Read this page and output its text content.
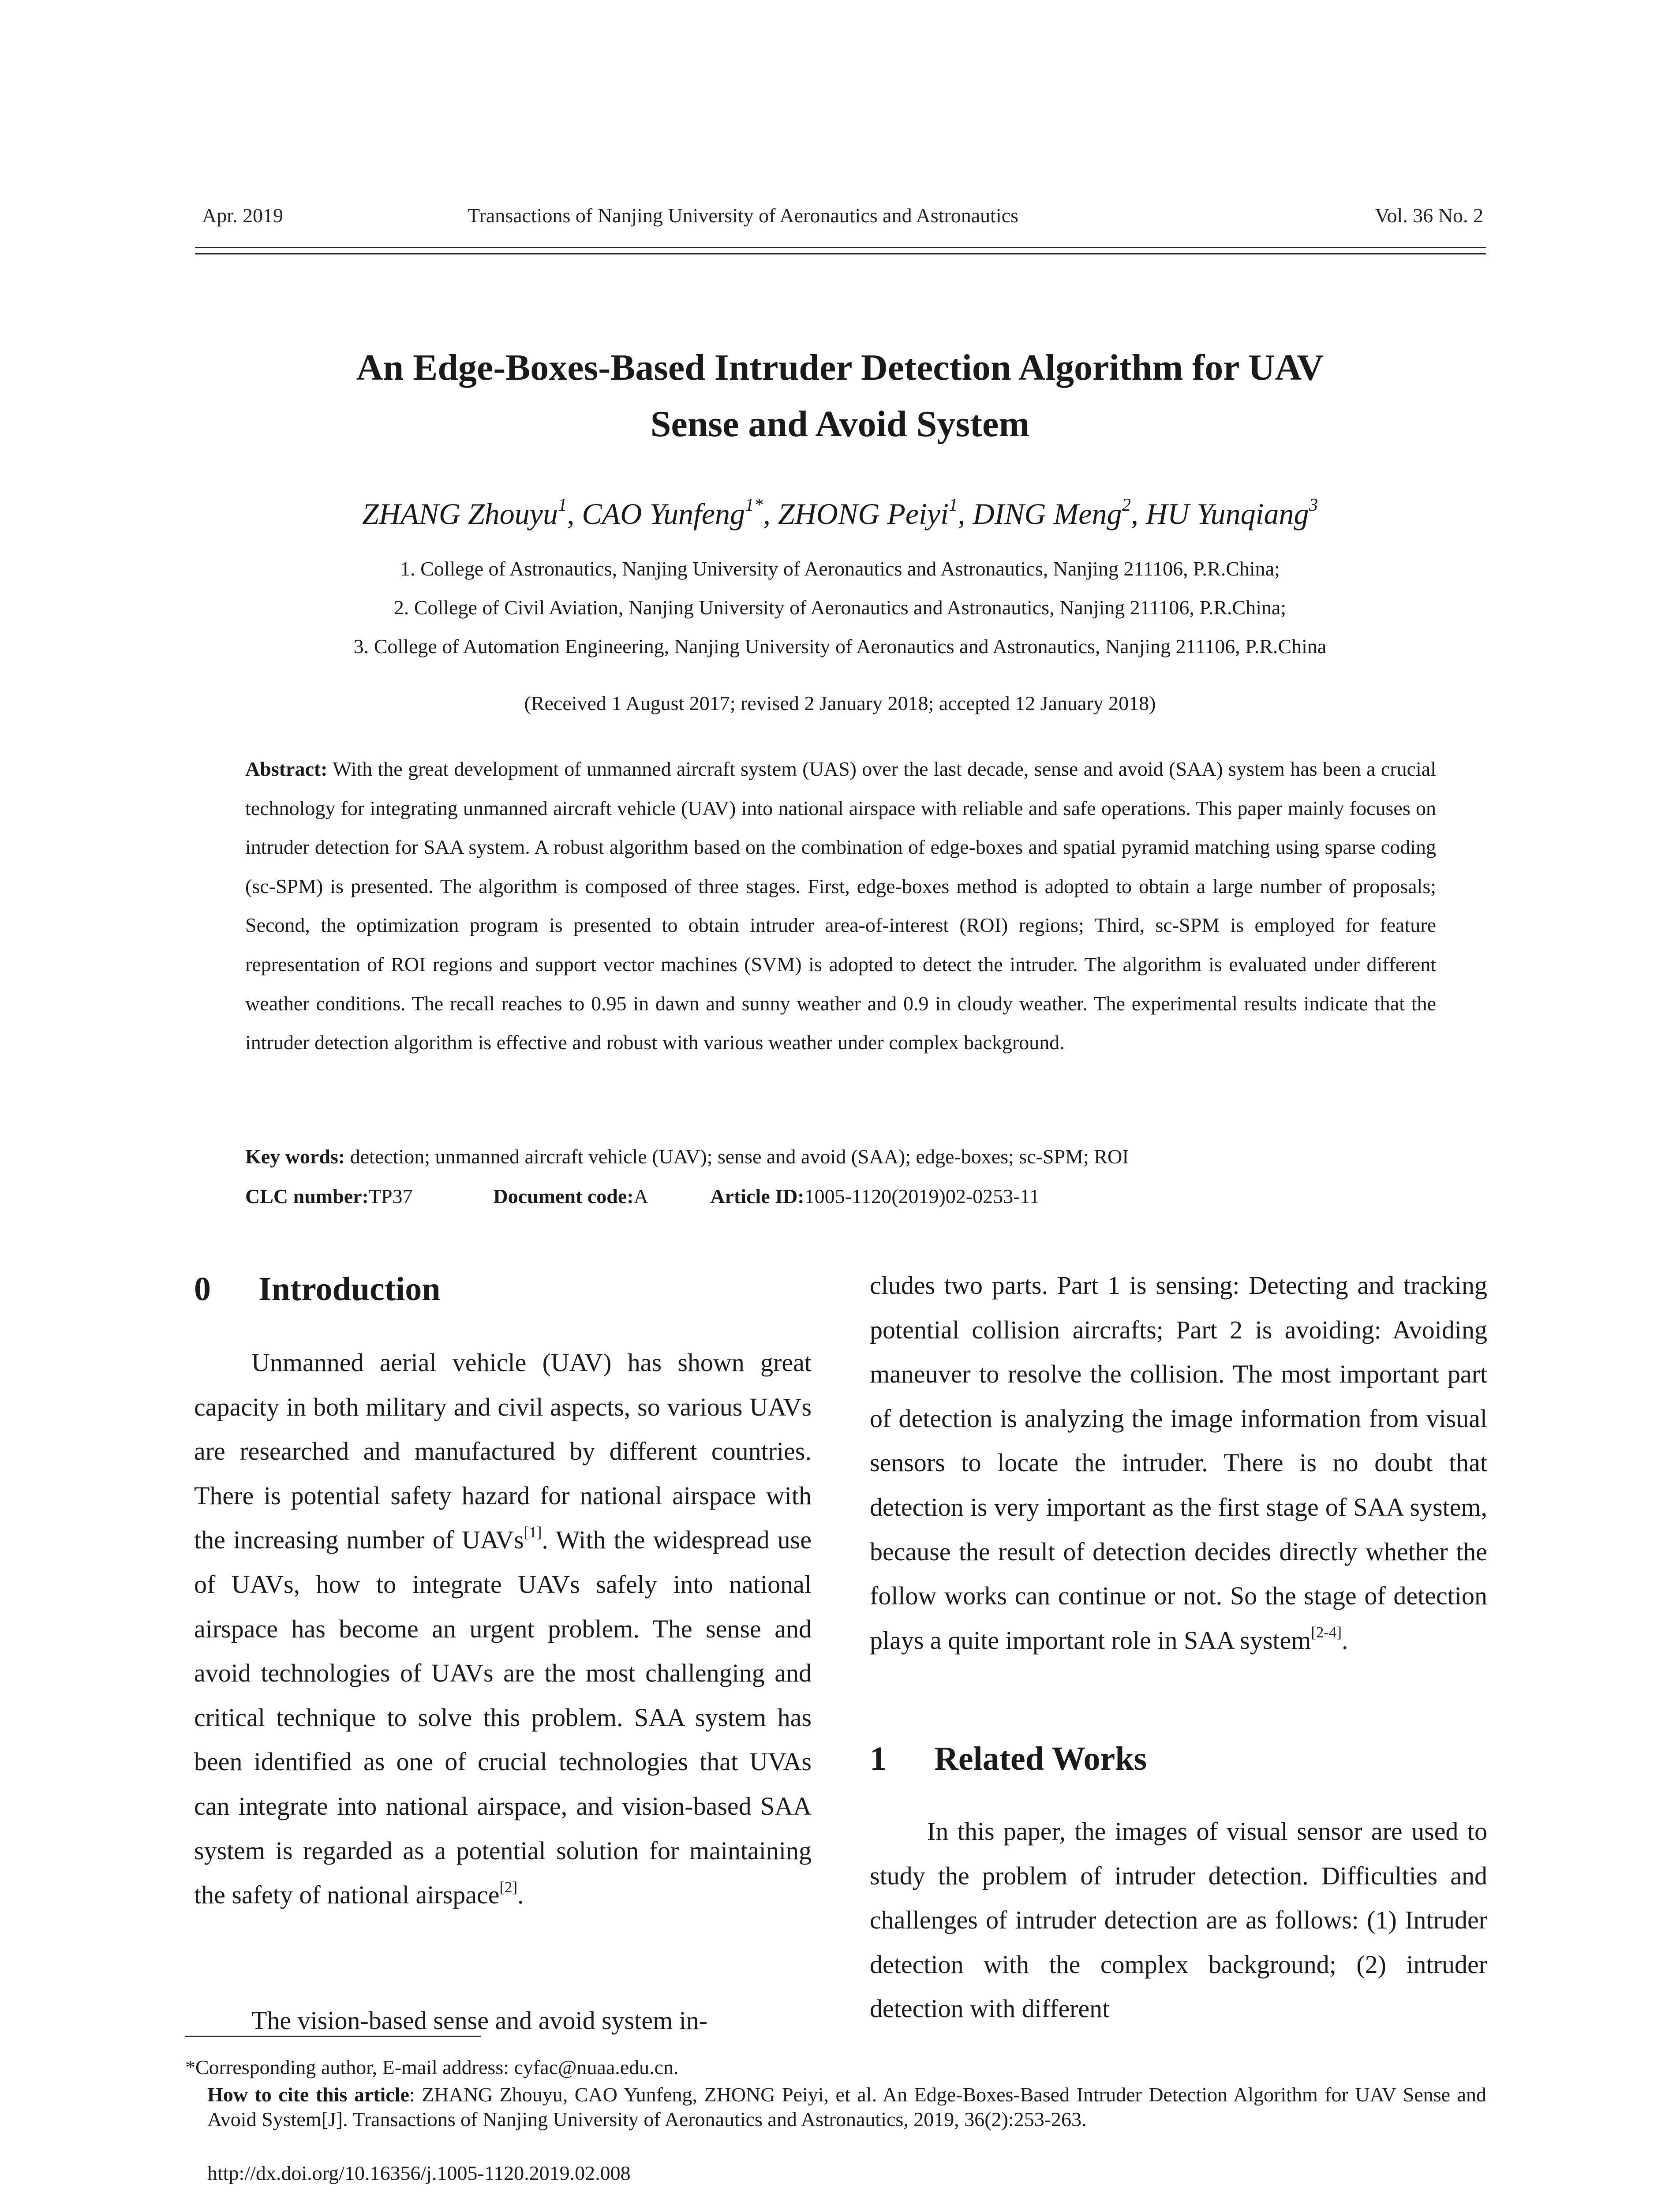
Apr. 2019	Transactions of Nanjing University of Aeronautics and Astronautics	Vol. 36 No. 2
An Edge-Boxes-Based Intruder Detection Algorithm for UAV
Sense and Avoid System
ZHANG Zhouyu$^1$, CAO Yunfeng$^{1*}$, ZHONG Peiyi$^1$, DING Meng$^2$, HU Yunqiang$^3$
1. College of Astronautics, Nanjing University of Aeronautics and Astronautics, Nanjing 211106, P.R.China;
2. College of Civil Aviation, Nanjing University of Aeronautics and Astronautics, Nanjing 211106, P.R.China;
3. College of Automation Engineering, Nanjing University of Aeronautics and Astronautics, Nanjing 211106, P.R.China
(Received 1 August 2017; revised 2 January 2018; accepted 12 January 2018)
Abstract: With the great development of unmanned aircraft system (UAS) over the last decade, sense and avoid (SAA) system has been a crucial technology for integrating unmanned aircraft vehicle (UAV) into national airspace with reliable and safe operations. This paper mainly focuses on intruder detection for SAA system. A robust algorithm based on the combination of edge-boxes and spatial pyramid matching using sparse coding (sc-SPM) is presented. The algorithm is composed of three stages. First, edge-boxes method is adopted to obtain a large number of proposals; Second, the optimization program is presented to obtain intruder area-of-interest (ROI) regions; Third, sc-SPM is employed for feature representation of ROI regions and support vector machines (SVM) is adopted to detect the intruder. The algorithm is evaluated under different weather conditions. The recall reaches to 0.95 in dawn and sunny weather and 0.9 in cloudy weather. The experimental results indicate that the intruder detection algorithm is effective and robust with various weather under complex background.
Key words: detection; unmanned aircraft vehicle (UAV); sense and avoid (SAA); edge-boxes; sc-SPM; ROI
CLC number:TP37	Document code:A	Article ID:1005-1120(2019)02-0253-11
0 Introduction
Unmanned aerial vehicle (UAV) has shown great capacity in both military and civil aspects, so various UAVs are researched and manufactured by different countries. There is potential safety hazard for national airspace with the increasing number of UAVs[1]. With the widespread use of UAVs, how to integrate UAVs safely into national airspace has become an urgent problem. The sense and avoid technologies of UAVs are the most challenging and critical technique to solve this problem. SAA system has been identified as one of crucial technologies that UVAs can integrate into national airspace, and vision-based SAA system is regarded as a potential solution for maintaining the safety of national airspace[2].
The vision-based sense and avoid system in-
cludes two parts. Part 1 is sensing: Detecting and tracking potential collision aircrafts; Part 2 is avoiding: Avoiding maneuver to resolve the collision. The most important part of detection is analyzing the image information from visual sensors to locate the intruder. There is no doubt that detection is very important as the first stage of SAA system, because the result of detection decides directly whether the follow works can continue or not. So the stage of detection plays a quite important role in SAA system[2-4].
1 Related Works
In this paper, the images of visual sensor are used to study the problem of intruder detection. Difficulties and challenges of intruder detection are as follows: (1) Intruder detection with the complex background; (2) intruder detection with different
*Corresponding author, E-mail address: cyfac@nuaa.edu.cn.
How to cite this article: ZHANG Zhouyu, CAO Yunfeng, ZHONG Peiyi, et al. An Edge-Boxes-Based Intruder Detection Algorithm for UAV Sense and Avoid System[J]. Transactions of Nanjing University of Aeronautics and Astronautics, 2019, 36(2):253-263.
http://dx.doi.org/10.16356/j.1005-1120.2019.02.008
